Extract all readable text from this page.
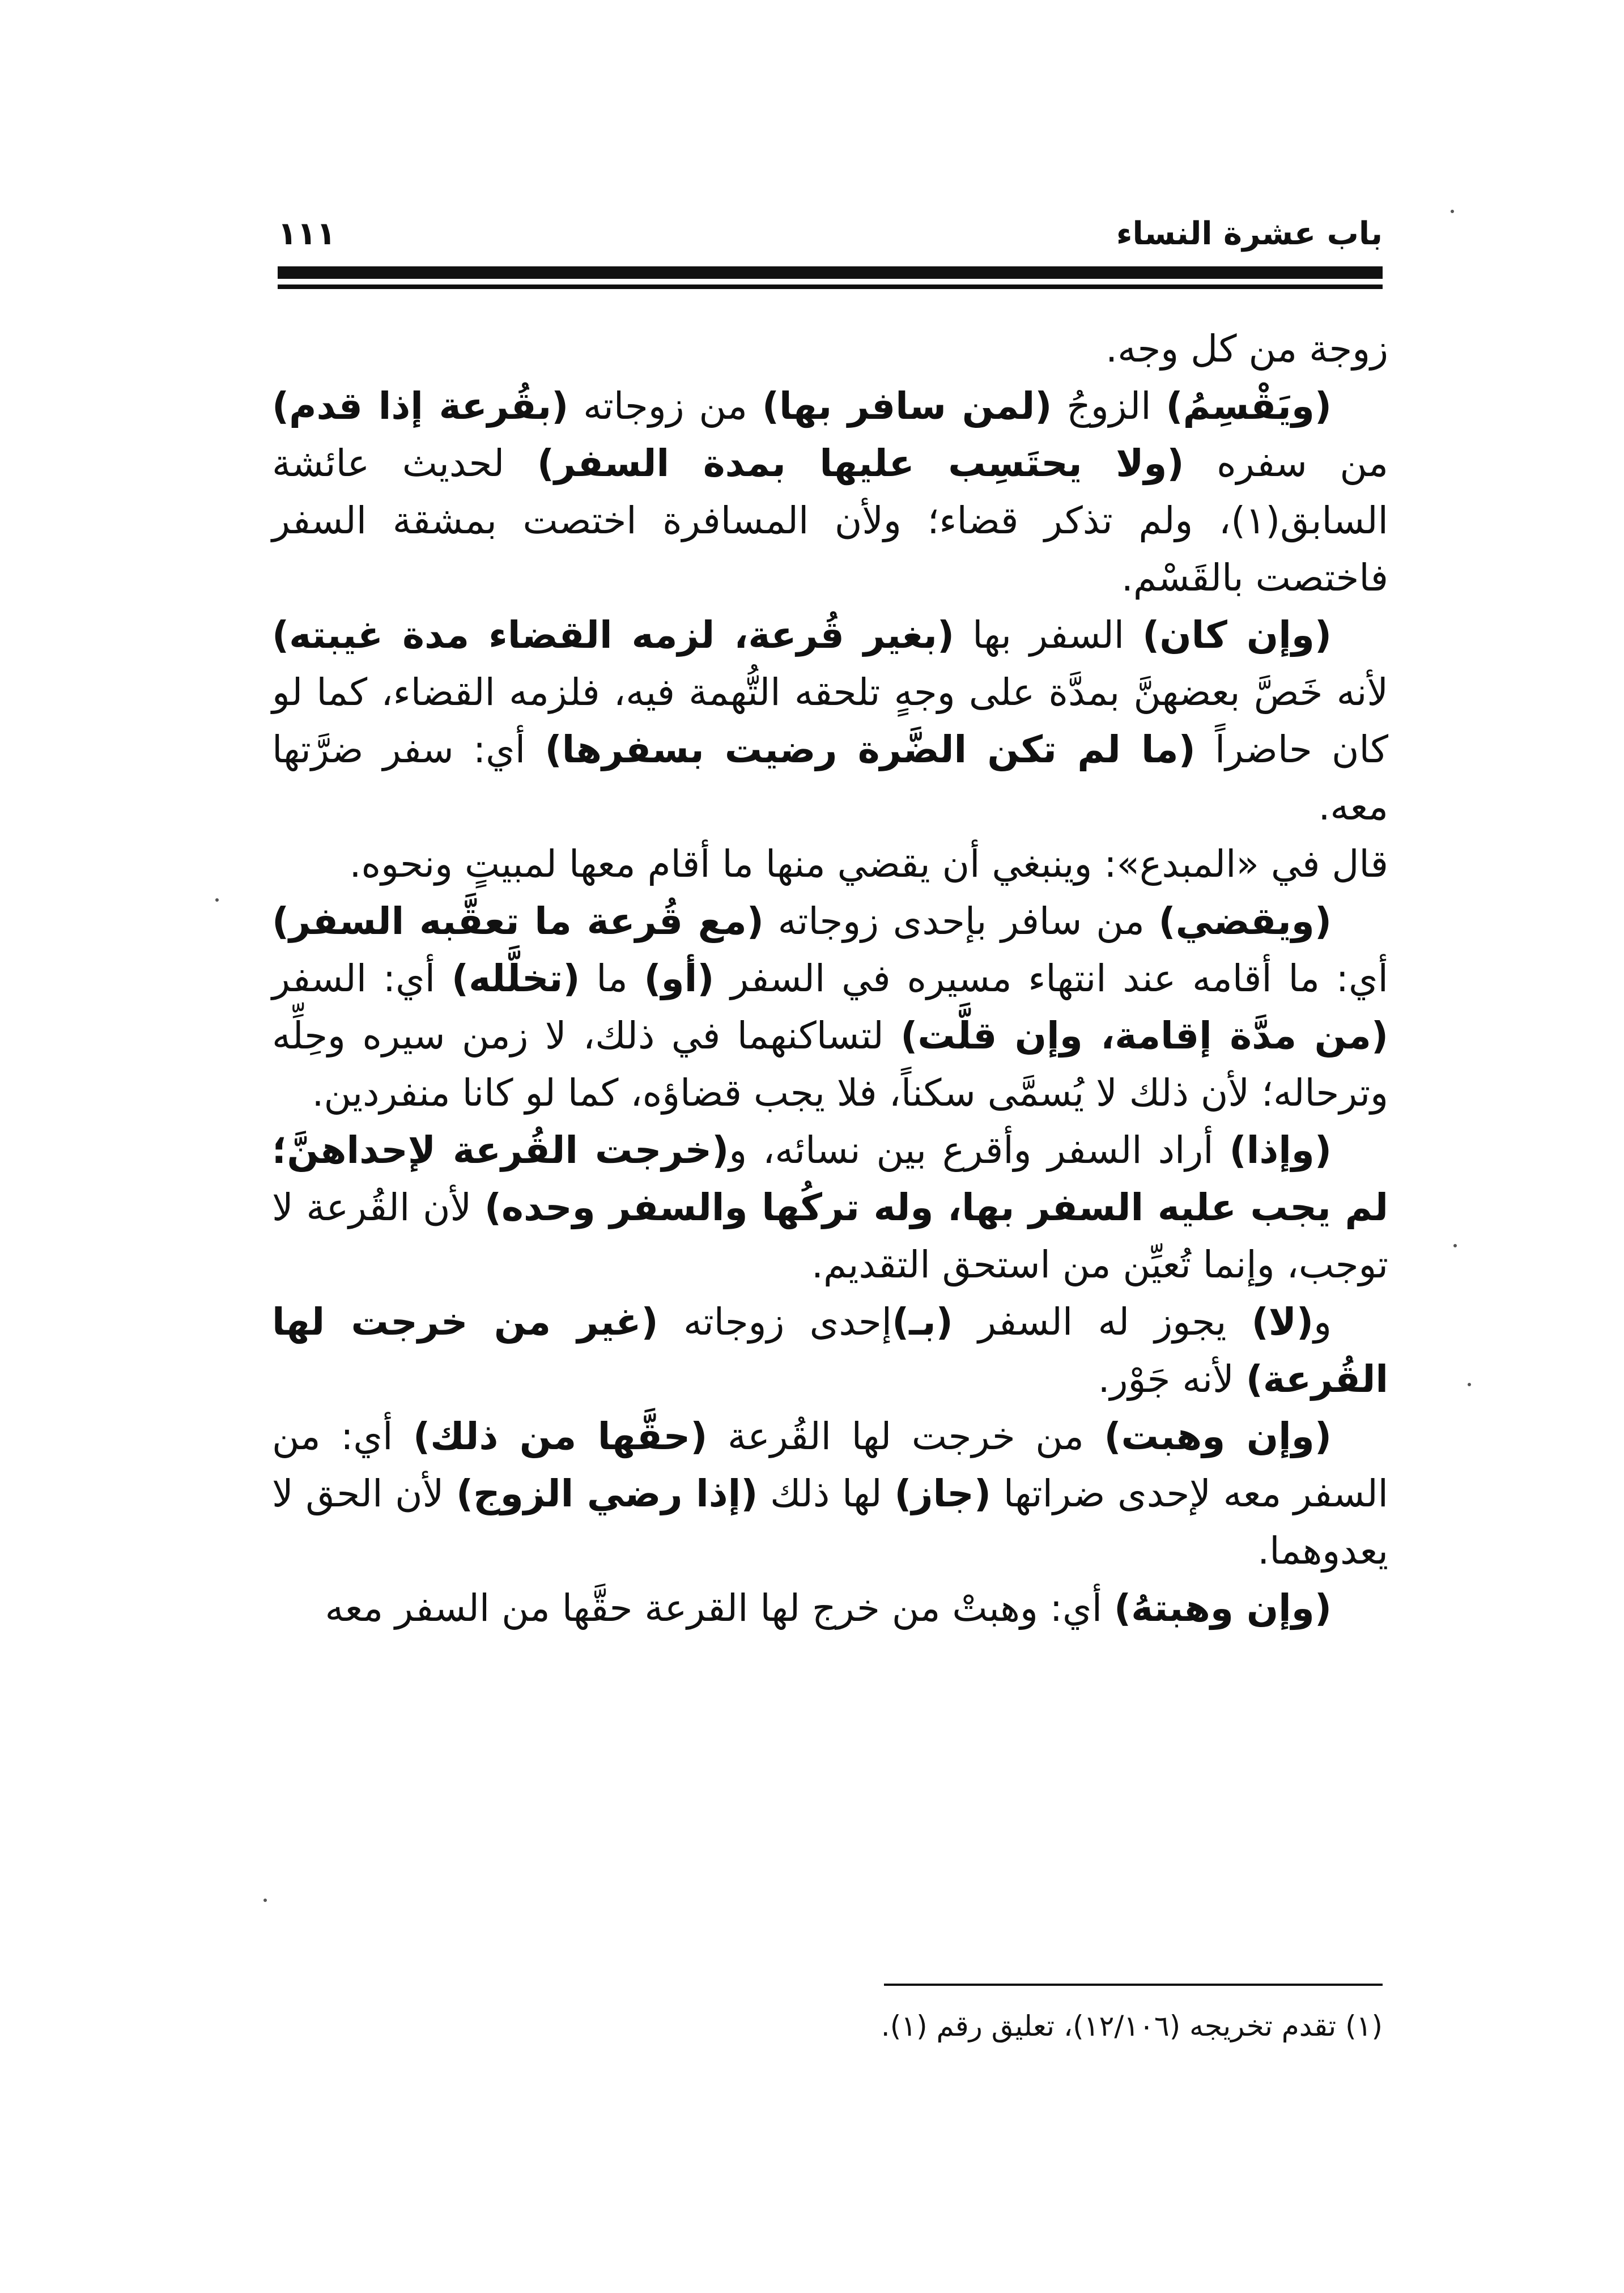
١١١	باب عشرة النساء

زوجة من كل وجه.

(ويَقْسِمُ) الزوجُ (لمن سافر بها) من زوجاته (بقُرعة إذا قدم) من سفره (ولا يحتَسِب عليها بمدة السفر) لحديث عائشة السابق(١)، ولم تذكر قضاء؛ ولأن المسافرة اختصت بمشقة السفر فاختصت بالقَسْم.

(وإن كان) السفر بها (بغير قُرعة، لزمه القضاء مدة غيبته) لأنه خَصَّ بعضهنَّ بمدَّة على وجهٍ تلحقه التُّهمة فيه، فلزمه القضاء، كما لو كان حاضراً (ما لم تكن الضَّرة رضيت بسفرها) أي: سفر ضرَّتها معه.

قال في «المبدع»: وينبغي أن يقضي منها ما أقام معها لمبيتٍ ونحوه.

(ويقضي) من سافر بإحدى زوجاته (مع قُرعة ما تعقَّبه السفر) أي: ما أقامه عند انتهاء مسيره في السفر (أو) ما (تخلَّله) أي: السفر (من مدَّة إقامة، وإن قلَّت) لتساكنهما في ذلك، لا زمن سيره وحِلِّه وترحاله؛ لأن ذلك لا يُسمَّى سكناً، فلا يجب قضاؤه، كما لو كانا منفردين.

(وإذا) أراد السفر وأقرع بين نسائه، و(خرجت القُرعة لإحداهنَّ؛ لم يجب عليه السفر بها، وله تركُها والسفر وحده) لأن القُرعة لا توجب، وإنما تُعيِّن من استحق التقديم.

و(لا) يجوز له السفر (بـ)إحدى زوجاته (غير من خرجت لها القُرعة) لأنه جَوْر.

(وإن وهبت) من خرجت لها القُرعة (حقَّها من ذلك) أي: من السفر معه لإحدى ضراتها (جاز) لها ذلك (إذا رضي الزوج) لأن الحق لا يعدوهما.

(وإن وهبتهُ) أي: وهبتْ من خرج لها القرعة حقَّها من السفر معه

(١) تقدم تخريجه (١٢/١٠٦)، تعليق رقم (١).
